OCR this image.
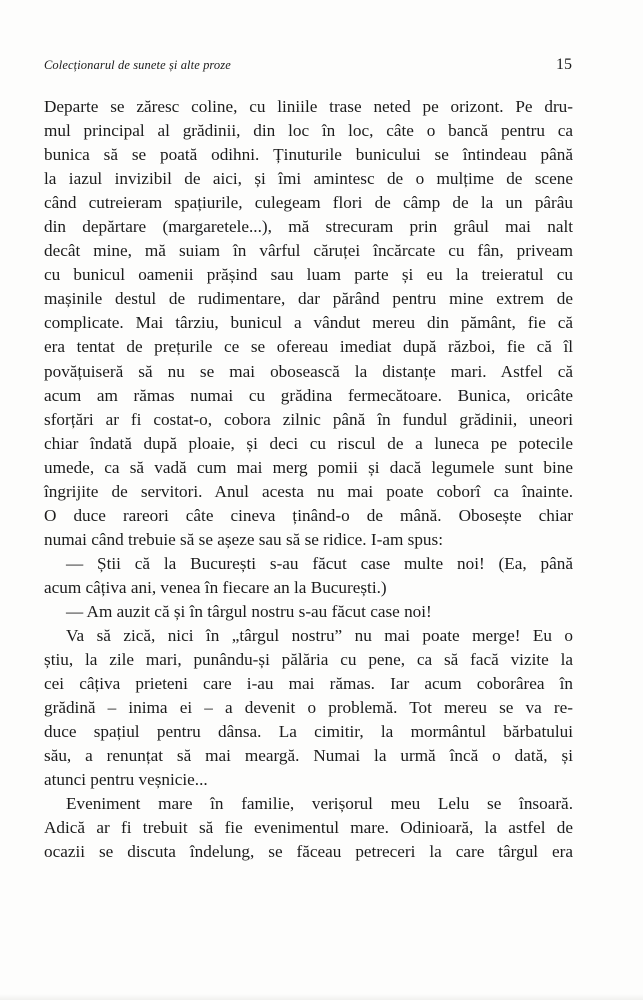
Colecționarul de sunete și alte proze	15

Departe se zăresc coline, cu liniile trase neted pe orizont. Pe dru-

mul principal al grădinii, din loc în loc, câte o bancă pentru ca

bunica să se poată odihni. Ținuturile bunicului se întindeau până

la iazul invizibil de aici, și îmi amintesc de o mulțime de scene

când cutreieram spațiurile, culegeam flori de câmp de la un pârâu

din depărtare (margaretele...), mă strecuram prin grâul mai nalt

decât mine, mă suiam în vârful căruței încărcate cu fân, priveam

cu bunicul oamenii prășind sau luam parte și eu la treieratul cu

mașinile destul de rudimentare, dar părând pentru mine extrem de

complicate. Mai târziu, bunicul a vândut mereu din pământ, fie că

era tentat de prețurile ce se ofereau imediat după război, fie că îl

povățuiseră să nu se mai obosească la distanțe mari. Astfel că

acum am rămas numai cu grădina fermecătoare. Bunica, oricâte

sforțări ar fi costat-o, cobora zilnic până în fundul grădinii, uneori

chiar îndată după ploaie, și deci cu riscul de a luneca pe potecile

umede, ca să vadă cum mai merg pomii și dacă legumele sunt bine

îngrijite de servitori. Anul acesta nu mai poate coborî ca înainte.

O duce rareori câte cineva ținând-o de mână. Obosește chiar

numai când trebuie să se așeze sau să se ridice. I-am spus:

— Știi că la București s-au făcut case multe noi! (Ea, până

acum câțiva ani, venea în fiecare an la București.)

— Am auzit că și în târgul nostru s-au făcut case noi!

Va să zică, nici în „târgul nostru” nu mai poate merge! Eu o

știu, la zile mari, punându-și pălăria cu pene, ca să facă vizite la

cei câțiva prieteni care i-au mai rămas. Iar acum coborârea în

grădină – inima ei – a devenit o problemă. Tot mereu se va re-

duce spațiul pentru dânsa. La cimitir, la mormântul bărbatului

său, a renunțat să mai meargă. Numai la urmă încă o dată, și

atunci pentru veșnicie...

Eveniment mare în familie, verișorul meu Lelu se însoară.

Adică ar fi trebuit să fie evenimentul mare. Odinioară, la astfel de

ocazii se discuta îndelung, se făceau petreceri la care târgul era
